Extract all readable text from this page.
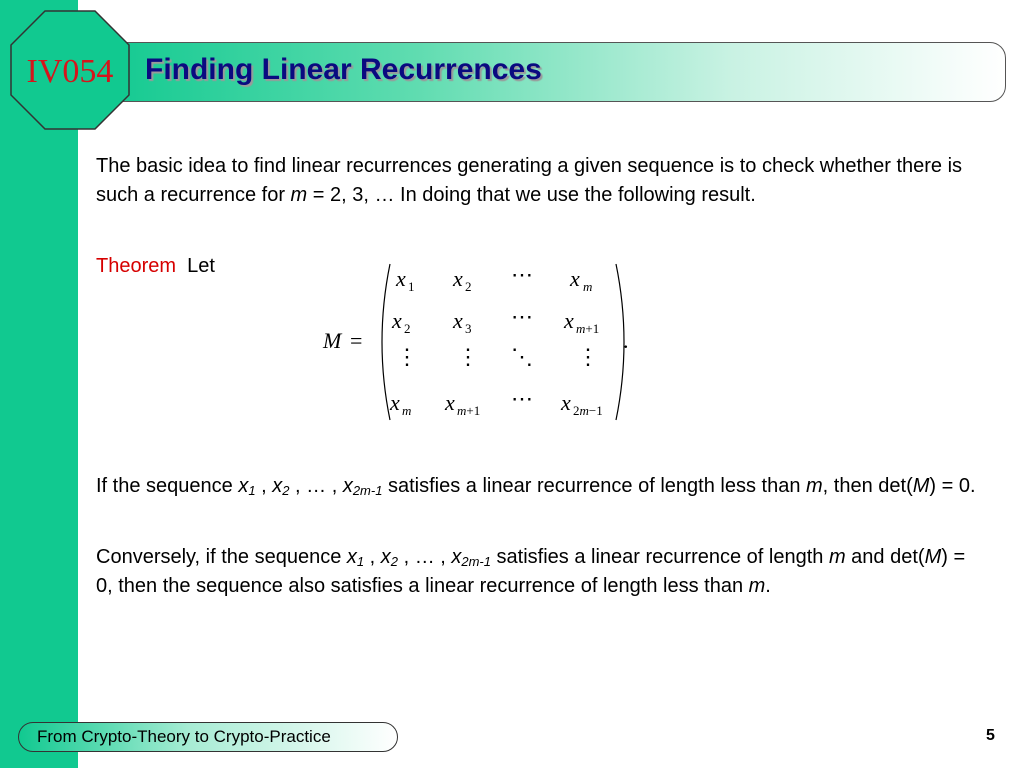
IV054	Finding Linear Recurrences
The basic idea to find linear recurrences generating a given sequence is to check whether there is such a recurrence for m = 2, 3, … In doing that we use the following result.
Theorem Let
M =
x 1 x 2 ⋯ x m
x 2 x 3 ⋯ x m+1
⋮ ⋮ ⋱ ⋮
x m x m+1 ⋯ x 2m−1
.
If the sequence $x_1$ , $x_2$ , … , $x_{2m-1}$ satisfies a linear recurrence of length less than m, then det(M) = 0.
Conversely, if the sequence $x_1$ , $x_2$ , … , $x_{2m-1}$ satisfies a linear recurrence of length m and det(M) = 0, then the sequence also satisfies a linear recurrence of length less than m.
From Crypto-Theory to Crypto-Practice	5
